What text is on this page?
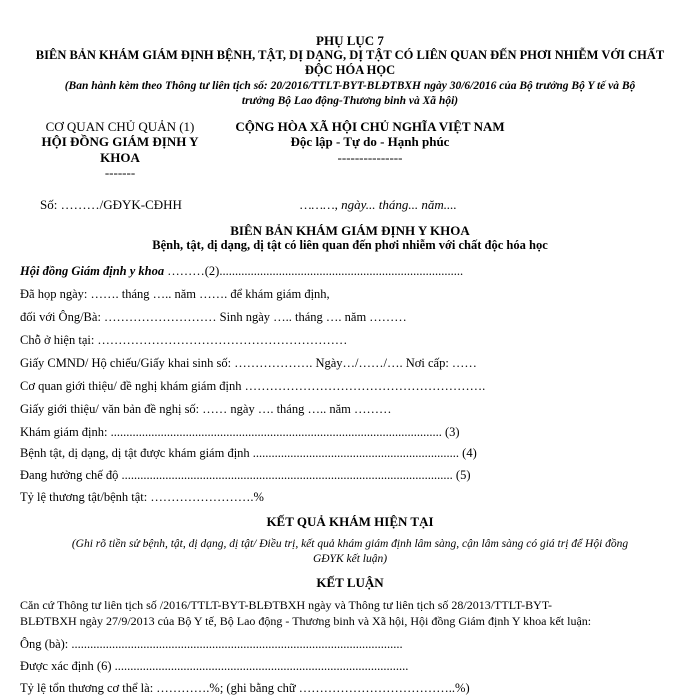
PHỤ LỤC 7
BIÊN BẢN KHÁM GIÁM ĐỊNH BỆNH, TẬT, DỊ DẠNG, DỊ TẬT CÓ LIÊN QUAN ĐẾN PHƠI NHIỄM VỚI CHẤT
ĐỘC HÓA HỌC
(Ban hành kèm theo Thông tư liên tịch số: 20/2016/TTLT-BYT-BLĐTBXH ngày 30/6/2016 của Bộ trưởng Bộ Y tế và Bộ
trưởng Bộ Lao động-Thương binh và Xã hội)
CƠ QUAN CHỦ QUẢN (1)
HỘI ĐỒNG GIÁM ĐỊNH Y
KHOA
-------
Số: ………/GĐYK-CĐHH
CỘNG HÒA XÃ HỘI CHỦ NGHĨA VIỆT NAM
Độc lập - Tự do - Hạnh phúc
---------------
………, ngày... tháng... năm....
BIÊN BẢN KHÁM GIÁM ĐỊNH Y KHOA
Bệnh, tật, dị dạng, dị tật có liên quan đến phơi nhiễm với chất độc hóa học
Hội đồng Giám định y khoa ………(2)..............................................................................
Đã họp ngày: ……. tháng ….. năm ……. để khám giám định,
đối với Ông/Bà: ……………………… Sinh ngày ….. tháng …. năm ………
Chỗ ở hiện tại: ……………………………………………………
Giấy CMND/ Hộ chiếu/Giấy khai sinh số: ………………. Ngày…/……/…. Nơi cấp: ……
Cơ quan giới thiệu/ đề nghị khám giám định ………………………………………………….
Giấy giới thiệu/ văn bản đề nghị số: …… ngày …. tháng ….. năm ………
Khám giám định: .......................................................................................................... (3)
Bệnh tật, dị dạng, dị tật được khám giám định .................................................................. (4)
Đang hưởng chế độ .......................................................................................................... (5)
Tỷ lệ thương tật/bệnh tật: …………………….%
KẾT QUẢ KHÁM HIỆN TẠI
(Ghi rõ tiền sử bệnh, tật, dị dạng, dị tật/ Điều trị, kết quả khám giám định lâm sàng, cận lâm sàng có giá trị để Hội đồng
GĐYK kết luận)
KẾT LUẬN
Căn cứ Thông tư liên tịch số /2016/TTLT-BYT-BLĐTBXH ngày và Thông tư liên tịch số 28/2013/TTLT-BYT-
BLĐTBXH ngày 27/9/2013 của Bộ Y tế, Bộ Lao động - Thương binh và Xã hội, Hội đồng Giám định Y khoa kết luận:
Ông (bà): ..........................................................................................................
Được xác định (6) ..............................................................................................
Tỷ lệ tổn thương cơ thể là: ………….%; (ghi bằng chữ ………………………………..%)
